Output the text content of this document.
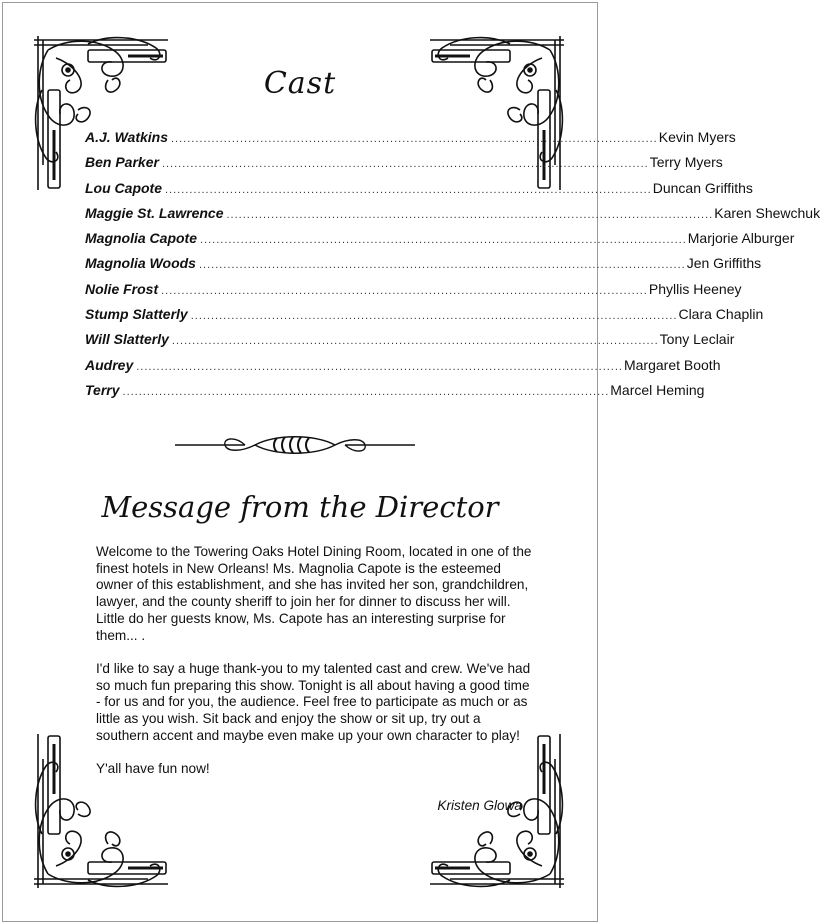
Cast
A.J. Watkins ........................................................................................................................ Kevin Myers
Ben Parker ........................................................................................................................ Terry Myers
Lou Capote ........................................................................................................................ Duncan Griffiths
Maggie St. Lawrence ........................................................................................................................ Karen Shewchuk
Magnolia Capote ........................................................................................................................ Marjorie Alburger
Magnolia Woods ........................................................................................................................ Jen Griffiths
Nolie Frost ........................................................................................................................ Phyllis Heeney
Stump Slatterly ........................................................................................................................ Clara Chaplin
Will Slatterly ........................................................................................................................ Tony Leclair
Audrey ........................................................................................................................ Margaret Booth
Terry ........................................................................................................................ Marcel Heming
Message from the Director

Welcome to the Towering Oaks Hotel Dining Room, located in one of the finest hotels in New Orleans! Ms. Magnolia Capote is the esteemed owner of this establishment, and she has invited her son, grandchildren, lawyer, and the county sheriff to join her for dinner to discuss her will. Little do her guests know, Ms. Capote has an interesting surprise for them... .

I'd like to say a huge thank-you to my talented cast and crew. We've had so much fun preparing this show. Tonight is all about having a good time - for us and for you, the audience. Feel free to participate as much or as little as you wish. Sit back and enjoy the show or sit up, try out a southern accent and maybe even make up your own character to play!

Y'all have fun now!

Kristen Glowa
